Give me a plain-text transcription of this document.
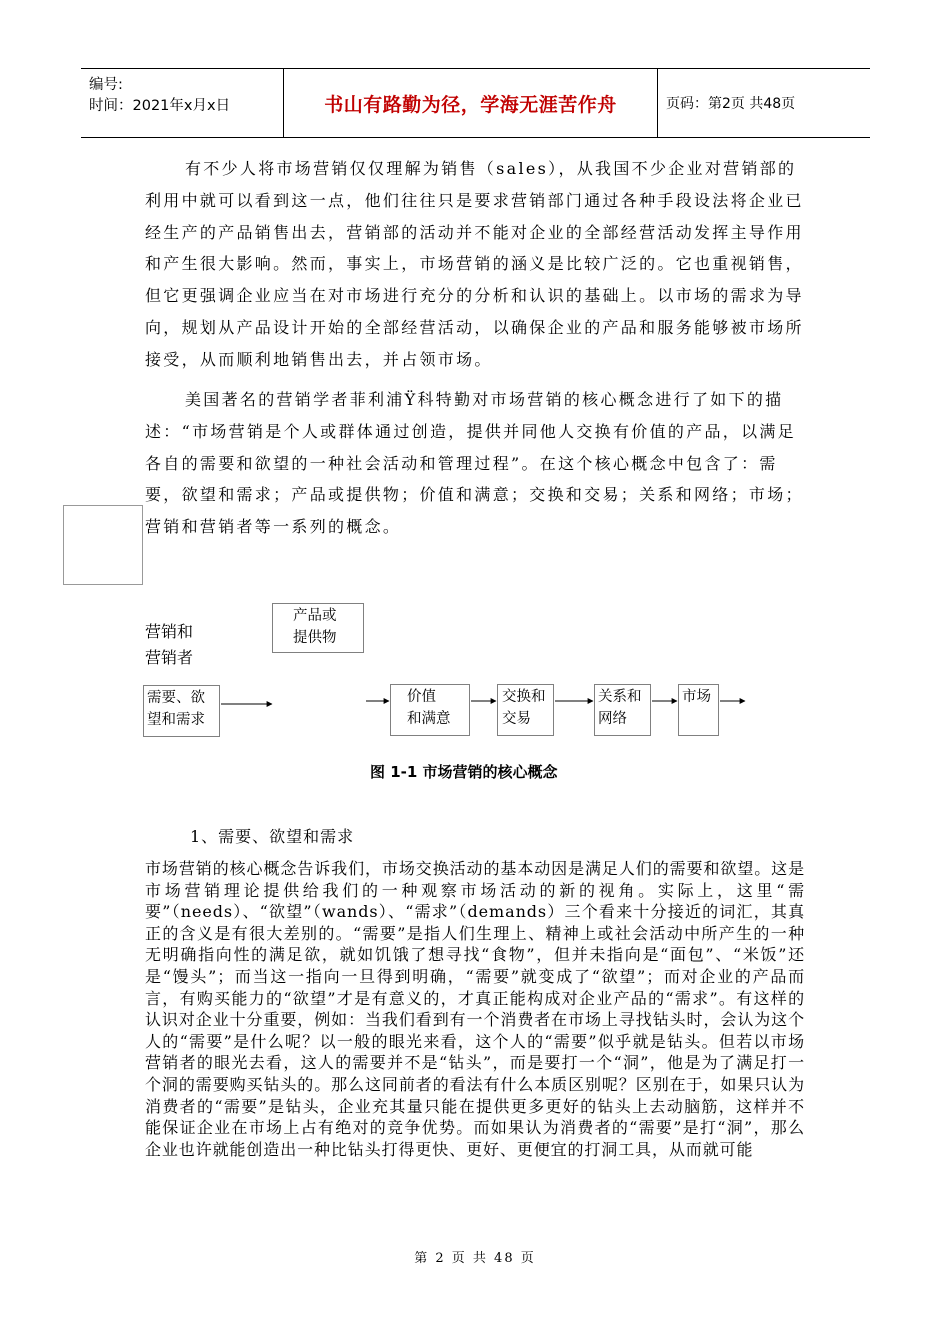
编号:
时间：2021年x月x日	书山有路勤为径，学海无涯苦作舟	页码：第2页 共48页
有不少人将市场营销仅仅理解为销售（sales），从我国不少企业对营销部的利用中就可以看到这一点，他们往往只是要求营销部门通过各种手段设法将企业已经生产的产品销售出去，营销部的活动并不能对企业的全部经营活动发挥主导作用和产生很大影响。然而，事实上，市场营销的涵义是比较广泛的。它也重视销售，但它更强调企业应当在对市场进行充分的分析和认识的基础上。以市场的需求为导向，规划从产品设计开始的全部经营活动，以确保企业的产品和服务能够被市场所接受，从而顺利地销售出去，并占领市场。
美国著名的营销学者菲利浦Ÿ科特勤对市场营销的核心概念进行了如下的描述：“市场营销是个人或群体通过创造，提供并同他人交换有价值的产品，以满足各自的需要和欲望的一种社会活动和管理过程”。在这个核心概念中包含了：需要，欲望和需求；产品或提供物；价值和满意；交换和交易；关系和网络；市场；营销和营销者等一系列的概念。
营销和
营销者
产品或
提供物
需要、欲
望和需求
价值
和满意
交换和
交易
关系和
网络
市场
图 1-1 市场营销的核心概念
1、需要、欲望和需求
市场营销的核心概念告诉我们，市场交换活动的基本动因是满足人们的需要和欲望。这是市场营销理论提供给我们的一种观察市场活动的新的视角。实际上，这里“需要”（needs）、“欲望”（wands）、“需求”（demands）三个看来十分接近的词汇，其真正的含义是有很大差别的。“需要”是指人们生理上、精神上或社会活动中所产生的一种无明确指向性的满足欲，就如饥饿了想寻找“食物”，但并未指向是“面包”、“米饭”还是“馒头”；而当这一指向一旦得到明确，“需要”就变成了“欲望”；而对企业的产品而言，有购买能力的“欲望”才是有意义的，才真正能构成对企业产品的“需求”。有这样的认识对企业十分重要，例如：当我们看到有一个消费者在市场上寻找钻头时，会认为这个人的“需要”是什么呢？以一般的眼光来看，这个人的“需要”似乎就是钻头。但若以市场营销者的眼光去看，这人的需要并不是“钻头”，而是要打一个“洞”，他是为了满足打一个洞的需要购买钻头的。那么这同前者的看法有什么本质区别呢？区别在于，如果只认为消费者的“需要”是钻头，企业充其量只能在提供更多更好的钻头上去动脑筋，这样并不能保证企业在市场上占有绝对的竞争优势。而如果认为消费者的“需要”是打“洞”，那么企业也许就能创造出一种比钻头打得更快、更好、更便宜的打洞工具，从而就可能
第 2 页 共 48 页
